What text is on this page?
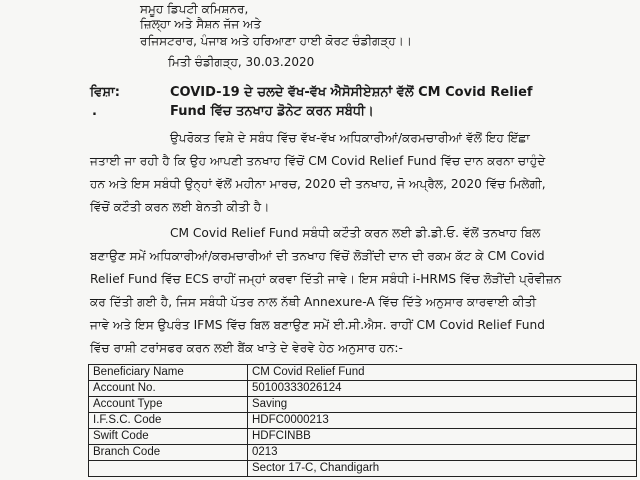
ਸਮੂਹ ਡਿਪਟੀ ਕਮਿਸ਼ਨਰ,
ਜ਼ਿਲ੍ਹਾ ਅਤੇ ਸੈਸ਼ਨ ਜੱਜ ਅਤੇ
ਰਜਿਸਟਰਾਰ, ਪੰਜਾਬ ਅਤੇ ਹਰਿਆਣਾ ਹਾਈ ਕੋਰਟ ਚੰਡੀਗੜ੍ਹ।।
ਮਿਤੀ ਚੰਡੀਗੜ੍ਹ, 30.03.2020
ਵਿਸ਼ਾ:
.
COVID-19 ਦੇ ਚਲਦੇ ਵੱਖ-ਵੱਖ ਐਸੋਸੀਏਸ਼ਨਾਂ ਵੱਲੋਂ CM Covid Relief
Fund ਵਿੱਚ ਤਨਖਾਹ ਡੋਨੇਟ ਕਰਨ ਸਬੰਧੀ।
ਉਪਰੋਕਤ ਵਿਸ਼ੇ ਦੇ ਸਬੰਧ ਵਿੱਚ ਵੱਖ-ਵੱਖ ਅਧਿਕਾਰੀਆਂ/ਕਰਮਚਾਰੀਆਂ ਵੱਲੋਂ ਇਹ ਇੱਛਾ
ਜਤਾਈ ਜਾ ਰਹੀ ਹੈ ਕਿ ਉਹ ਆਪਣੀ ਤਨਖਾਹ ਵਿੱਚੋਂ CM Covid Relief Fund ਵਿੱਚ ਦਾਨ ਕਰਨਾ ਚਾਹੁੰਦੇ
ਹਨ ਅਤੇ ਇਸ ਸਬੰਧੀ ਉਨ੍ਹਾਂ ਵੱਲੋਂ ਮਹੀਨਾ ਮਾਰਚ, 2020 ਦੀ ਤਨਖਾਹ, ਜੋ ਅਪ੍ਰੈਲ, 2020 ਵਿੱਚ ਮਿਲੇਗੀ,
ਵਿੱਚੋਂ ਕਟੌਤੀ ਕਰਨ ਲਈ ਬੇਨਤੀ ਕੀਤੀ ਹੈ।
CM Covid Relief Fund ਸਬੰਧੀ ਕਟੌਤੀ ਕਰਨ ਲਈ ਡੀ.ਡੀ.ਓ. ਵੱਲੋਂ ਤਨਖਾਹ ਬਿਲ
ਬਣਾਉਣ ਸਮੇਂ ਅਧਿਕਾਰੀਆਂ/ਕਰਮਚਾਰੀਆਂ ਦੀ ਤਨਖਾਹ ਵਿੱਚੋਂ ਲੋੜੀਂਦੀ ਦਾਨ ਦੀ ਰਕਮ ਕੱਟ ਕੇ CM Covid
Relief Fund ਵਿੱਚ ECS ਰਾਹੀਂ ਜਮ੍ਹਾਂ ਕਰਵਾ ਦਿੱਤੀ ਜਾਵੇ। ਇਸ ਸਬੰਧੀ i-HRMS ਵਿੱਚ ਲੋੜੀਂਦੀ ਪ੍ਰੋਵੀਜ਼ਨ
ਕਰ ਦਿੱਤੀ ਗਈ ਹੈ, ਜਿਸ ਸਬੰਧੀ ਪੱਤਰ ਨਾਲ ਨੱਥੀ Annexure-A ਵਿੱਚ ਦਿੱਤੇ ਅਨੁਸਾਰ ਕਾਰਵਾਈ ਕੀਤੀ
ਜਾਵੇ ਅਤੇ ਇਸ ਉਪਰੰਤ IFMS ਵਿੱਚ ਬਿਲ ਬਣਾਉਣ ਸਮੇਂ ਈ.ਸੀ.ਐਸ. ਰਾਹੀਂ CM Covid Relief Fund
ਵਿੱਚ ਰਾਸ਼ੀ ਟਰਾਂਸਫਰ ਕਰਨ ਲਈ ਬੈਂਕ ਖਾਤੇ ਦੇ ਵੇਰਵੇ ਹੇਠ ਅਨੁਸਾਰ ਹਨ:-
Beneficiary Name	CM Covid Relief Fund
Account No.	50100333026124
Account Type	Saving
I.F.S.C. Code	HDFC0000213
Swift Code	HDFCINBB
Branch Code	0213
	Sector 17-C, Chandigarh
